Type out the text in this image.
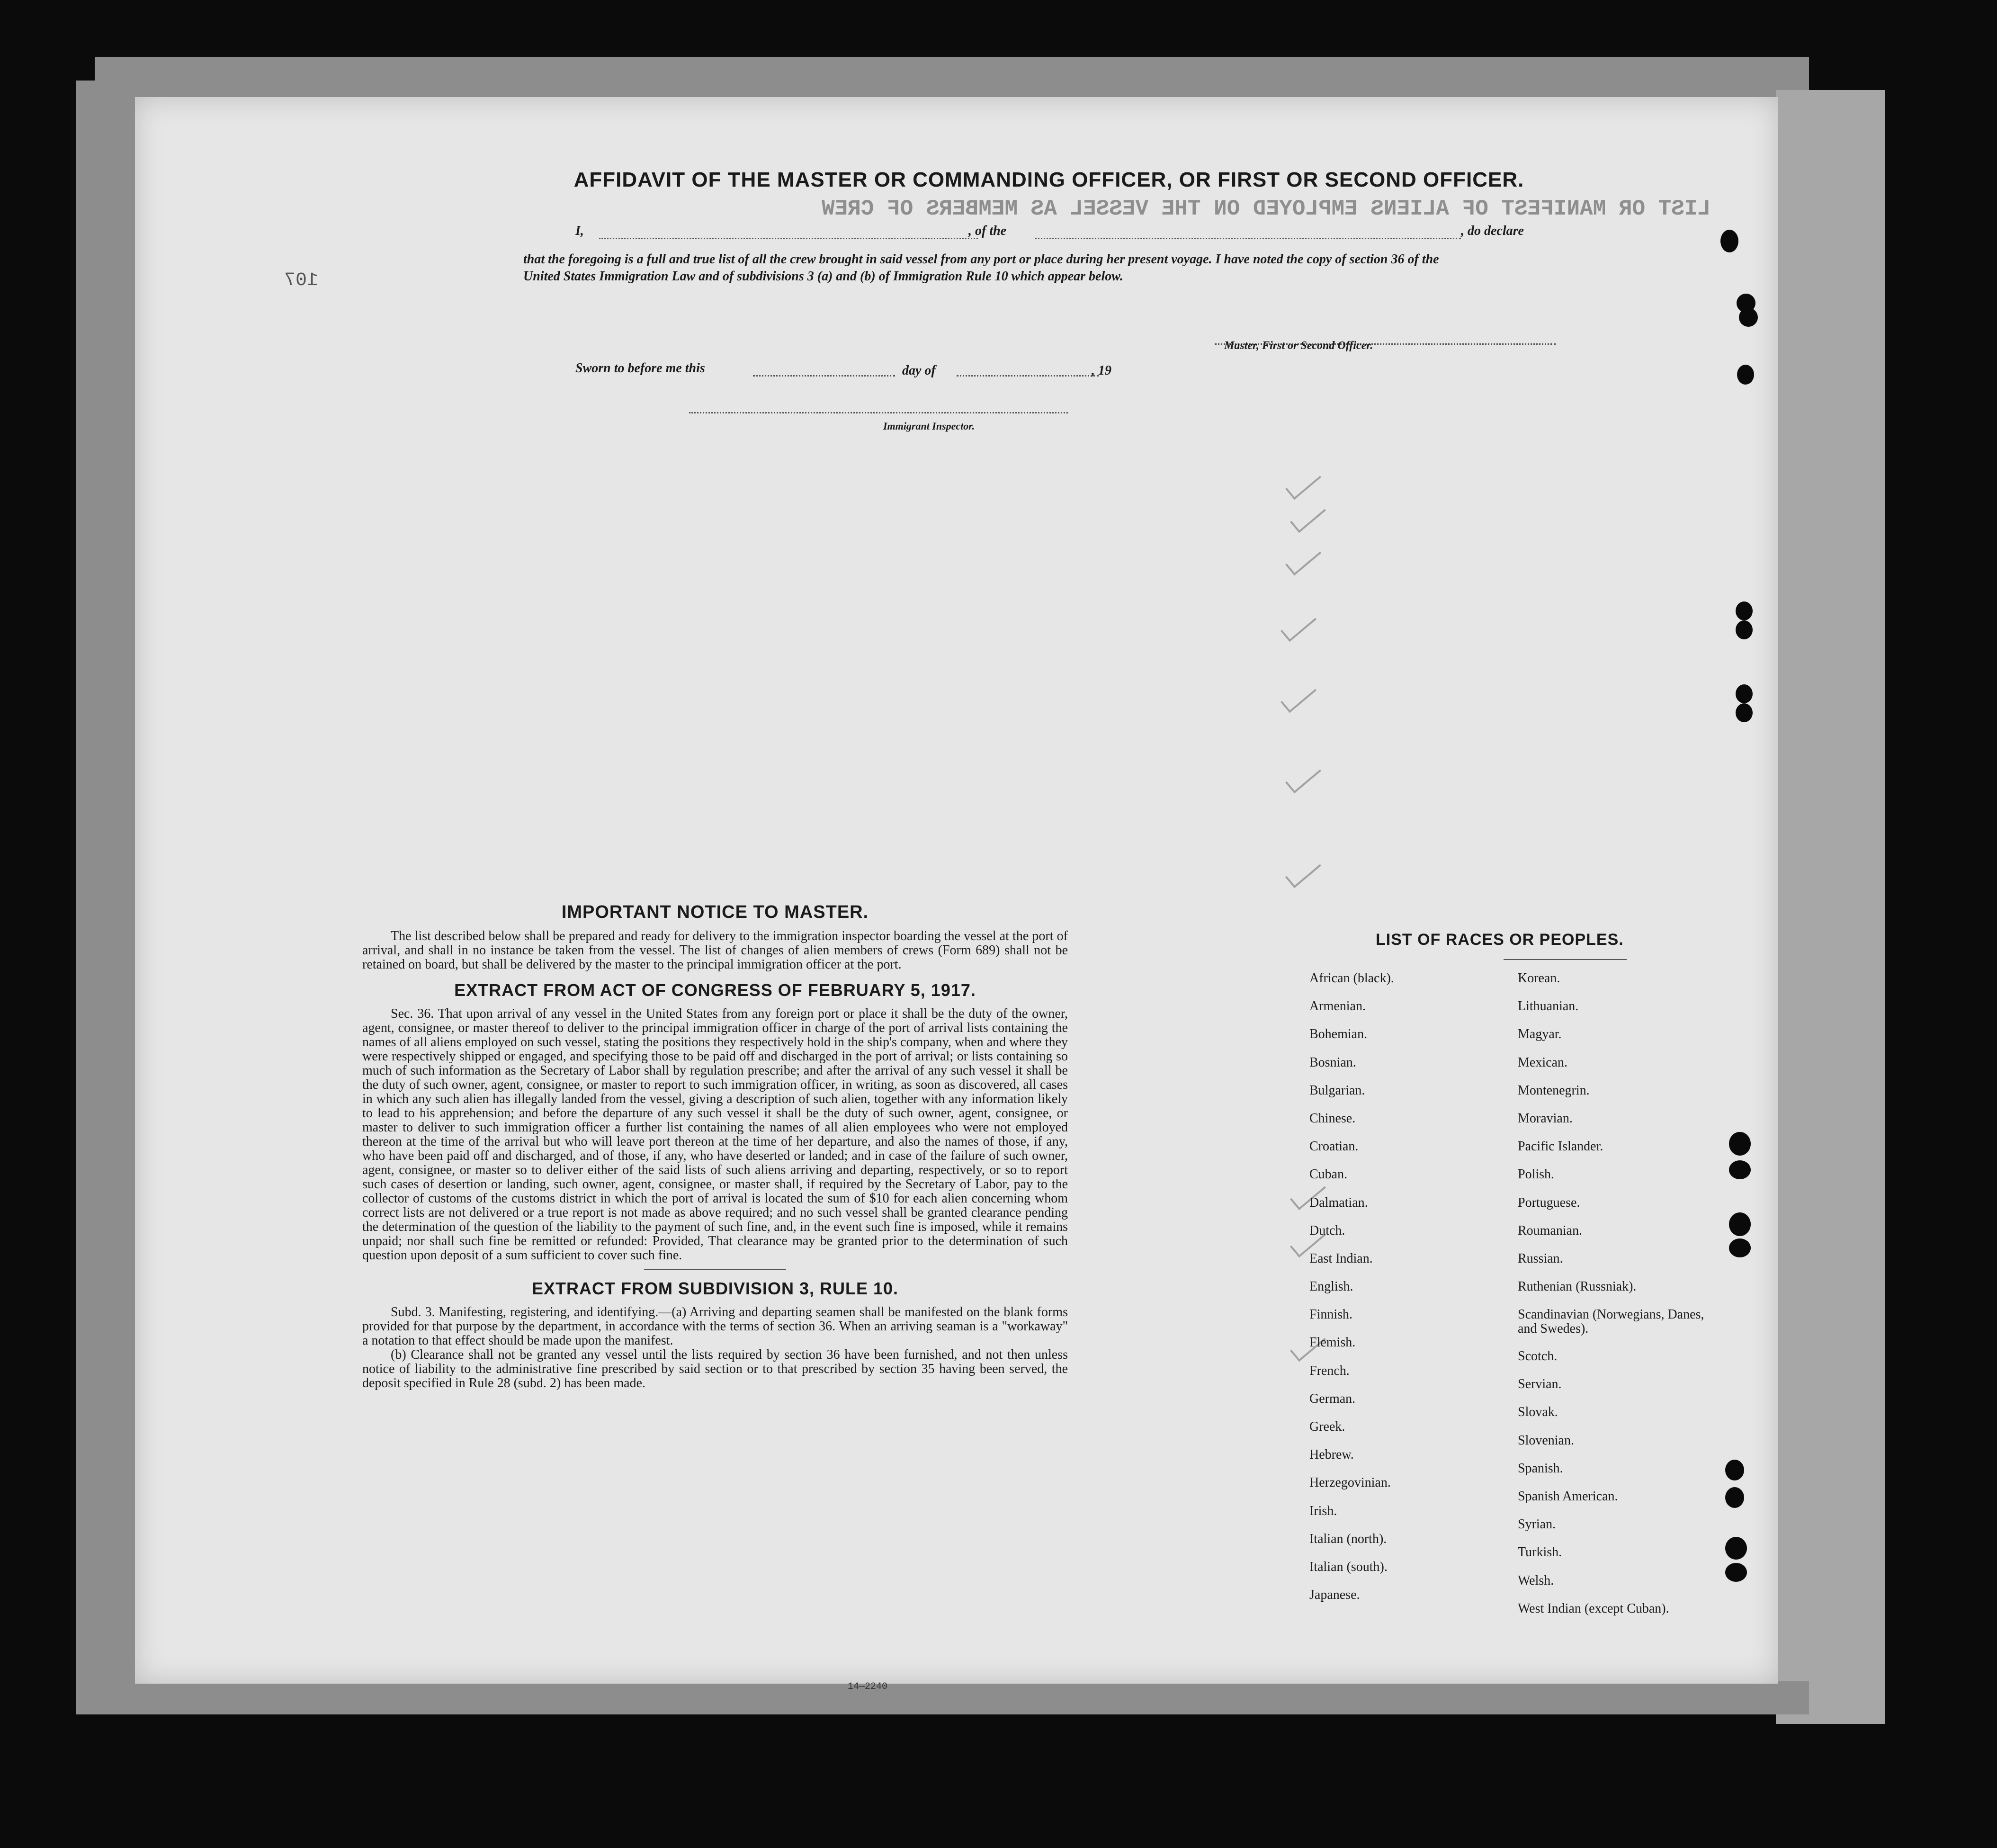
LIST OR MANIFEST OF ALIENS EMPLOYED ON THE VESSEL AS MEMBERS OF CREW
107
AFFIDAVIT OF THE MASTER OR COMMANDING OFFICER, OR FIRST OR SECOND OFFICER.
I,	, of the	, do declare
that the foregoing is a full and true list of all the crew brought in said vessel from any port or place during her present voyage. I have noted the copy of section 36 of the United States Immigration Law and of subdivisions 3 (a) and (b) of Immigration Rule 10 which appear below.
Master, First or Second Officer.
Sworn to before me this	day of	, 19
Immigrant Inspector.
IMPORTANT NOTICE TO MASTER.

The list described below shall be prepared and ready for delivery to the immigration inspector boarding the vessel at the port of arrival, and shall in no instance be taken from the vessel. The list of changes of alien members of crews (Form 689) shall not be retained on board, but shall be delivered by the master to the principal immigration officer at the port.

EXTRACT FROM ACT OF CONGRESS OF FEBRUARY 5, 1917.

Sec. 36. That upon arrival of any vessel in the United States from any foreign port or place it shall be the duty of the owner, agent, consignee, or master thereof to deliver to the principal immigration officer in charge of the port of arrival lists containing the names of all aliens employed on such vessel, stating the positions they respectively hold in the ship's company, when and where they were respectively shipped or engaged, and specifying those to be paid off and discharged in the port of arrival; or lists containing so much of such information as the Secretary of Labor shall by regulation prescribe; and after the arrival of any such vessel it shall be the duty of such owner, agent, consignee, or master to report to such immigration officer, in writing, as soon as discovered, all cases in which any such alien has illegally landed from the vessel, giving a description of such alien, together with any information likely to lead to his apprehension; and before the departure of any such vessel it shall be the duty of such owner, agent, consignee, or master to deliver to such immigration officer a further list containing the names of all alien employees who were not employed thereon at the time of the arrival but who will leave port thereon at the time of her departure, and also the names of those, if any, who have been paid off and discharged, and of those, if any, who have deserted or landed; and in case of the failure of such owner, agent, consignee, or master so to deliver either of the said lists of such aliens arriving and departing, respectively, or so to report such cases of desertion or landing, such owner, agent, consignee, or master shall, if required by the Secretary of Labor, pay to the collector of customs of the customs district in which the port of arrival is located the sum of $10 for each alien concerning whom correct lists are not delivered or a true report is not made as above required; and no such vessel shall be granted clearance pending the determination of the question of the liability to the payment of such fine, and, in the event such fine is imposed, while it remains unpaid; nor shall such fine be remitted or refunded: Provided, That clearance may be granted prior to the determination of such question upon deposit of a sum sufficient to cover such fine.

EXTRACT FROM SUBDIVISION 3, RULE 10.

Subd. 3. Manifesting, registering, and identifying.—(a) Arriving and departing seamen shall be manifested on the blank forms provided for that purpose by the department, in accordance with the terms of section 36. When an arriving seaman is a "workaway" a notation to that effect should be made upon the manifest.

(b) Clearance shall not be granted any vessel until the lists required by section 36 have been furnished, and not then unless notice of liability to the administrative fine prescribed by said section or to that prescribed by section 35 having been served, the deposit specified in Rule 28 (subd. 2) has been made.

14—2240
LIST OF RACES OR PEOPLES.
African (black).
Armenian.
Bohemian.
Bosnian.
Bulgarian.
Chinese.
Croatian.
Cuban.
Dalmatian.
Dutch.
East Indian.
English.
Finnish.
Flemish.
French.
German.
Greek.
Hebrew.
Herzegovinian.
Irish.
Italian (north).
Italian (south).
Japanese.
Korean.
Lithuanian.
Magyar.
Mexican.
Montenegrin.
Moravian.
Pacific Islander.
Polish.
Portuguese.
Roumanian.
Russian.
Ruthenian (Russniak).
Scandinavian (Norwegians, Danes, and Swedes).
Scotch.
Servian.
Slovak.
Slovenian.
Spanish.
Spanish American.
Syrian.
Turkish.
Welsh.
West Indian (except Cuban).
